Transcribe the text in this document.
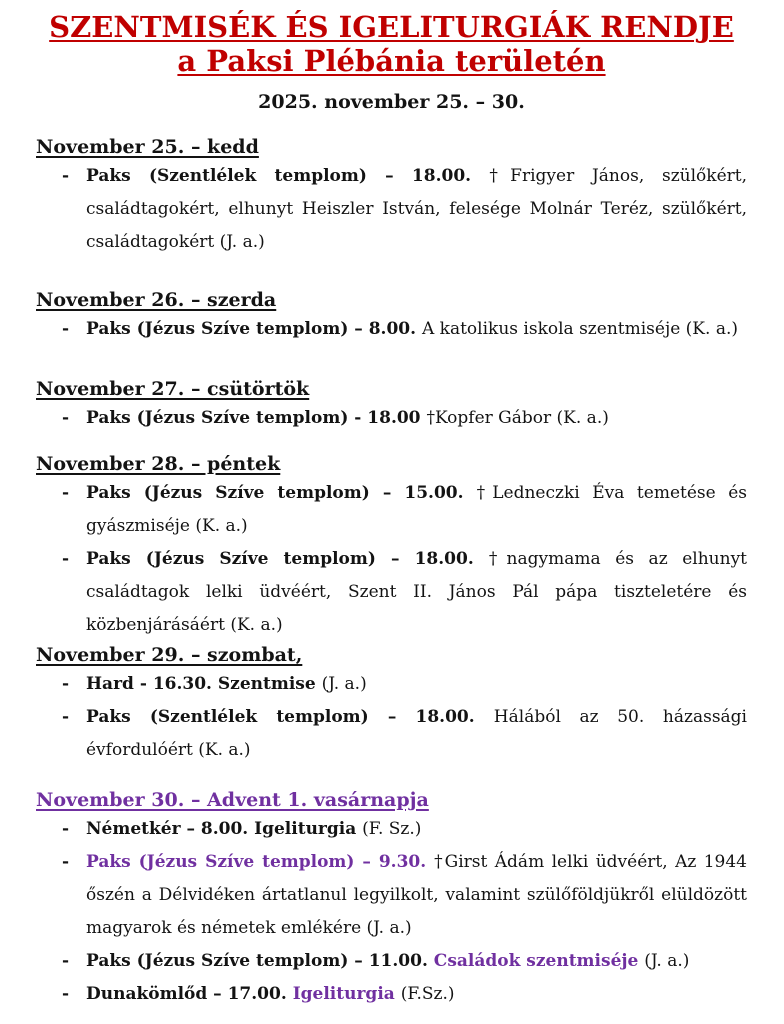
SZENTMISÉK ÉS IGELITURGIÁK RENDJE
a Paksi Plébánia területén

2025. november 25. – 30.

November 25. – kedd
- Paks (Szentlélek templom) – 18.00. †Frigyer János, szülőkért, családtagokért, elhunyt Heiszler István, felesége Molnár Teréz, szülőkért, családtagokért (J. a.)
November 26. – szerda
- Paks (Jézus Szíve templom) – 8.00. A katolikus iskola szentmiséje (K. a.)
November 27. – csütörtök
- Paks (Jézus Szíve templom) - 18.00 †Kopfer Gábor (K. a.)
November 28. – péntek
- Paks (Jézus Szíve templom) – 15.00. †Ledneczki Éva temetése és gyászmiséje (K. a.)
- Paks (Jézus Szíve templom) – 18.00. †nagymama és az elhunyt családtagok lelki üdvéért, Szent II. János Pál pápa tiszteletére és közbenjárásáért (K. a.)
November 29. – szombat,
- Hard - 16.30. Szentmise (J. a.)
- Paks (Szentlélek templom) – 18.00. Hálából az 50. házassági évfordulóért (K. a.)
November 30. – Advent 1. vasárnapja
- Németkér – 8.00. Igeliturgia (F. Sz.)
- Paks (Jézus Szíve templom) – 9.30. †Girst Ádám lelki üdvéért, Az 1944 őszén a Délvidéken ártatlanul legyilkolt, valamint szülőföldjükről elüldözött magyarok és németek emlékére (J. a.)
- Paks (Jézus Szíve templom) – 11.00. Családok szentmiséje (J. a.)
- Dunakömlőd – 17.00. Igeliturgia (F.Sz.)
